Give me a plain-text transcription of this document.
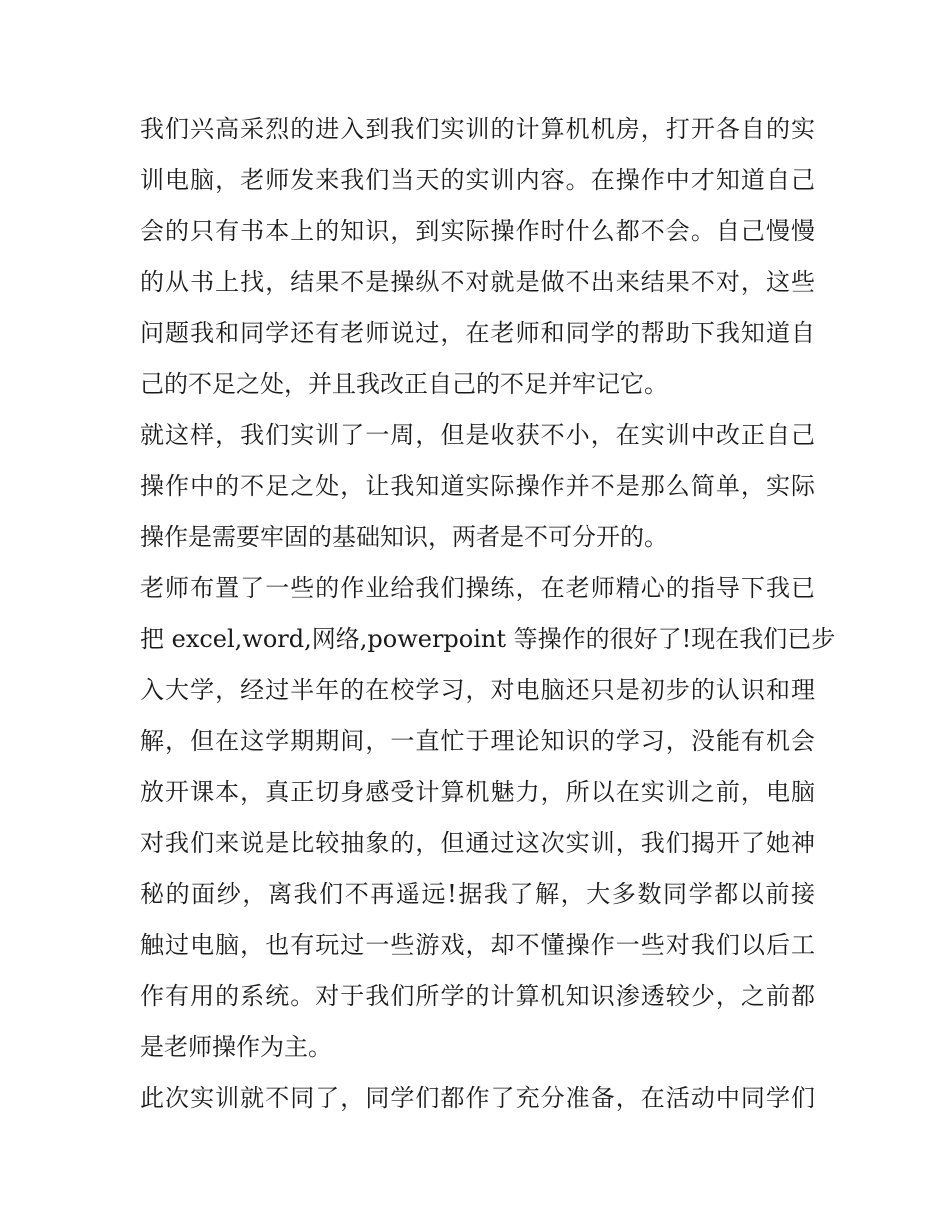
我们兴高采烈的进入到我们实训的计算机机房，打开各自的实
训电脑，老师发来我们当天的实训内容。在操作中才知道自己
会的只有书本上的知识，到实际操作时什么都不会。自己慢慢
的从书上找，结果不是操纵不对就是做不出来结果不对，这些
问题我和同学还有老师说过，在老师和同学的帮助下我知道自
己的不足之处，并且我改正自己的不足并牢记它。
就这样，我们实训了一周，但是收获不小，在实训中改正自己
操作中的不足之处，让我知道实际操作并不是那么简单，实际
操作是需要牢固的基础知识，两者是不可分开的。
老师布置了一些的作业给我们操练，在老师精心的指导下我已
把 excel,word,网络,powerpoint 等操作的很好了!现在我们已步
入大学，经过半年的在校学习，对电脑还只是初步的认识和理
解，但在这学期期间，一直忙于理论知识的学习，没能有机会
放开课本，真正切身感受计算机魅力，所以在实训之前，电脑
对我们来说是比较抽象的，但通过这次实训，我们揭开了她神
秘的面纱，离我们不再遥远!据我了解，大多数同学都以前接
触过电脑，也有玩过一些游戏，却不懂操作一些对我们以后工
作有用的系统。对于我们所学的计算机知识渗透较少，之前都
是老师操作为主。
此次实训就不同了，同学们都作了充分准备，在活动中同学们
